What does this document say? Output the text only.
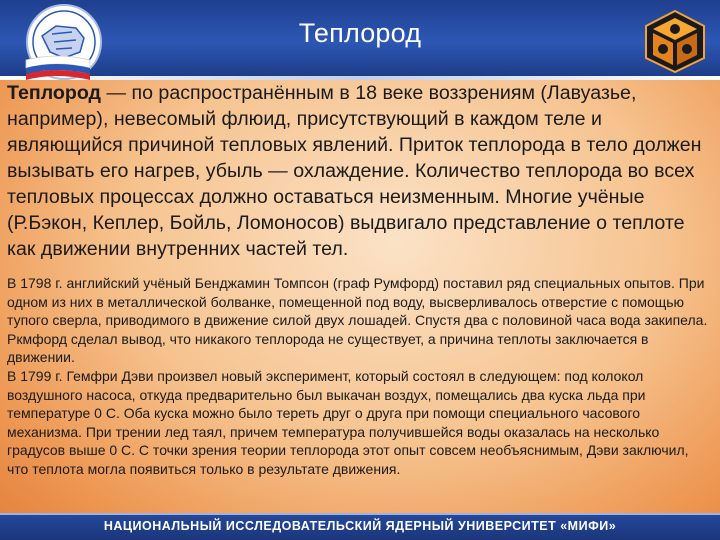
Теплород

Теплород — по распространённым в 18 веке воззрениям (Лавуазье, например), невесомый флюид, присутствующий в каждом теле и являющийся причиной тепловых явлений. Приток теплорода в тело должен вызывать его нагрев, убыль — охлаждение. Количество теплорода во всех тепловых процессах должно оставаться неизменным. Многие учёные (Р.Бэкон, Кеплер, Бойль, Ломоносов) выдвигало представление о теплоте как движении внутренних частей тел.

В 1798 г. английский учёный Бенджамин Томпсон (граф Румфорд) поставил ряд специальных опытов. При одном из них в металлической болванке, помещенной под воду, высверливалось отверстие с помощью тупого сверла, приводимого в движение силой двух лошадей. Спустя два с половиной часа вода закипела. Ркмфорд сделал вывод, что никакого теплорода не существует, а причина теплоты заключается в движении.

В 1799 г. Гемфри Дэви произвел новый эксперимент, который состоял в следующем: под колокол воздушного насоса, откуда предварительно был выкачан воздух, помещались два куска льда при температуре 0 С. Оба куска можно было тереть друг о друга при помощи специального часового механизма. При трении лед таял, причем температура получившейся воды оказалась на несколько градусов выше 0 С. С точки зрения теории теплорода этот опыт совсем необъяснимым, Дэви заключил, что теплота могла появиться только в результате движения.

НАЦИОНАЛЬНЫЙ ИССЛЕДОВАТЕЛЬСКИЙ ЯДЕРНЫЙ УНИВЕРСИТЕТ «МИФИ»
